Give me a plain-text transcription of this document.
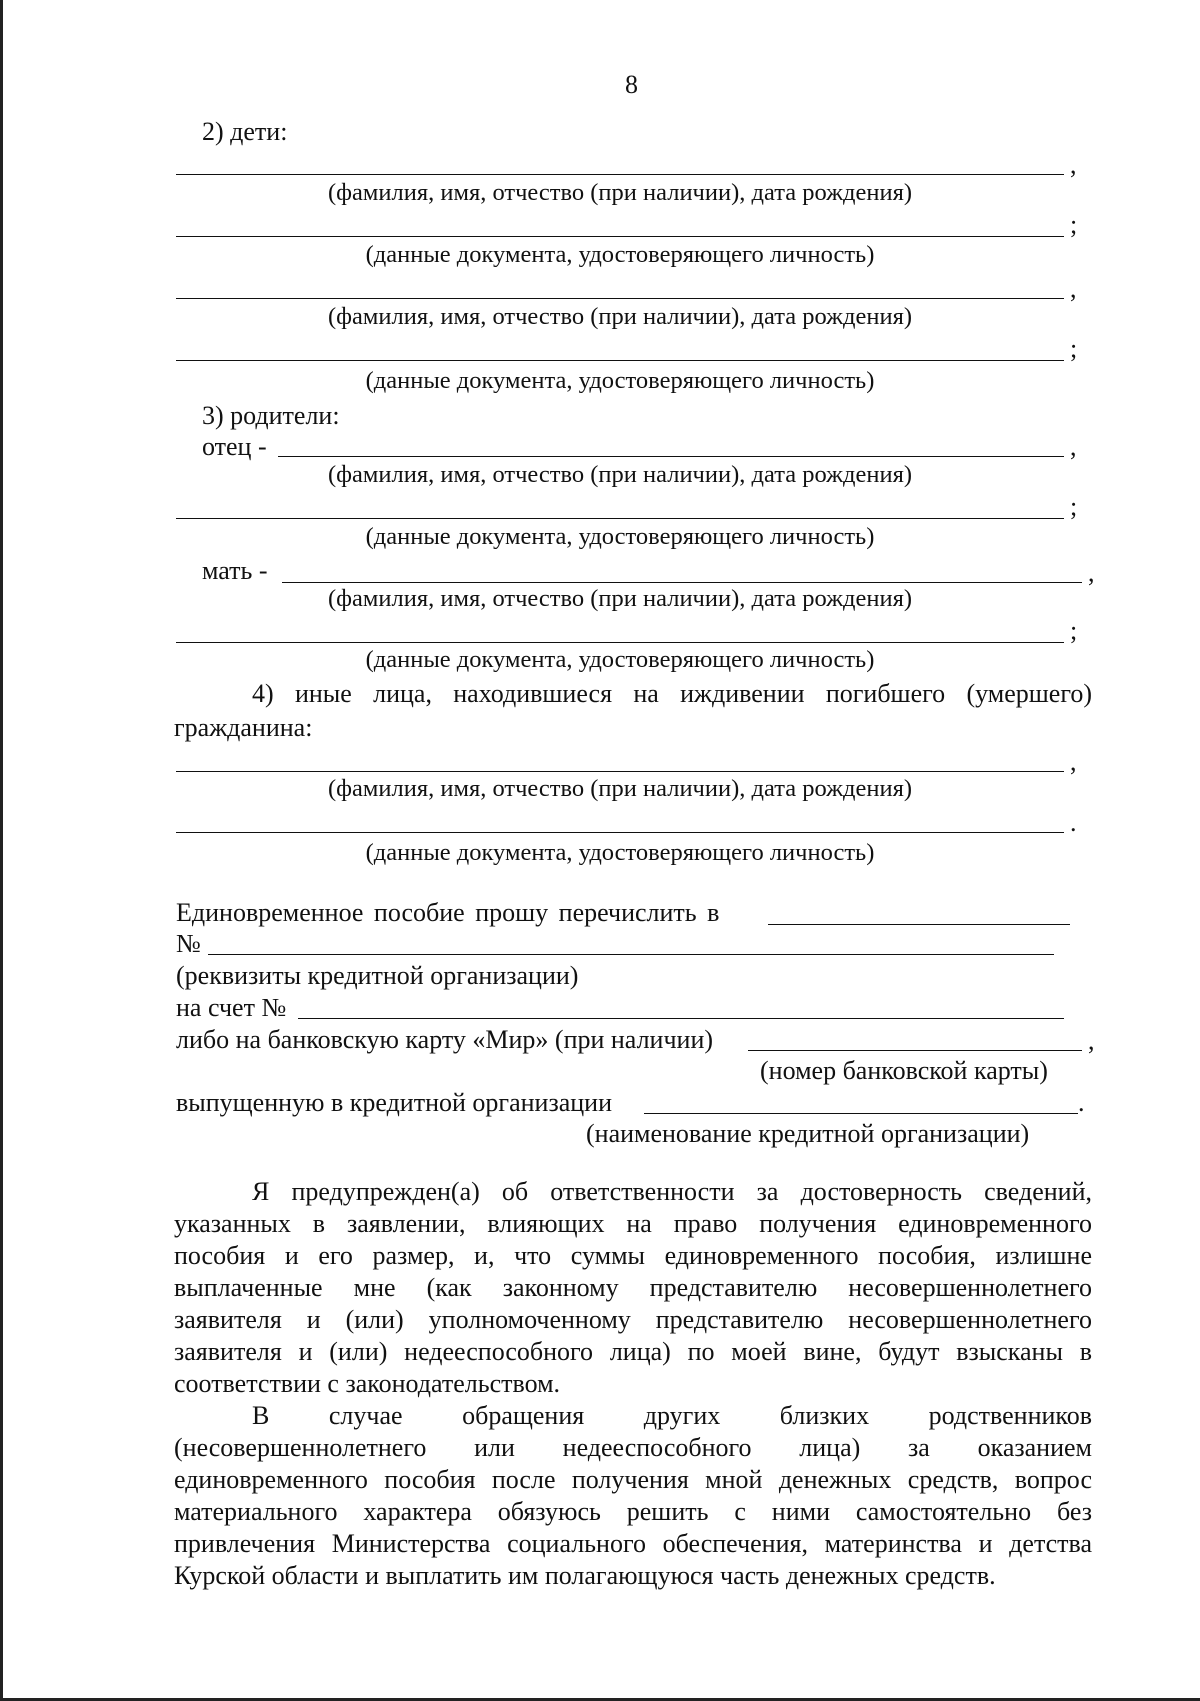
8
2) дети:
,
(фамилия, имя, отчество (при наличии), дата рождения)
;
(данные документа, удостоверяющего личность)
,
(фамилия, имя, отчество (при наличии), дата рождения)
;
(данные документа, удостоверяющего личность)
3) родители:
отец -	,
(фамилия, имя, отчество (при наличии), дата рождения)
;
(данные документа, удостоверяющего личность)
мать -	,
(фамилия, имя, отчество (при наличии), дата рождения)
;
(данные документа, удостоверяющего личность)
4) иные лица, находившиеся на иждивении погибшего (умершего)
гражданина:
,
(фамилия, имя, отчество (при наличии), дата рождения)
.
(данные документа, удостоверяющего личность)
Единовременное пособие прошу перечислить в
№
(реквизиты кредитной организации)
на счет №
либо на банковскую карту «Мир» (при наличии)	,
(номер банковской карты)
выпущенную в кредитной организации	.
(наименование кредитной организации)
Я предупрежден(а) об ответственности за достоверность сведений,
указанных в заявлении, влияющих на право получения единовременного
пособия и его размер, и, что суммы единовременного пособия, излишне
выплаченные мне (как законному представителю несовершеннолетнего
заявителя и (или) уполномоченному представителю несовершеннолетнего
заявителя и (или) недееспособного лица) по моей вине, будут взысканы в
соответствии с законодательством.
В случае обращения других близких родственников
(несовершеннолетнего или недееспособного лица) за оказанием
единовременного пособия после получения мной денежных средств, вопрос
материального характера обязуюсь решить с ними самостоятельно без
привлечения Министерства социального обеспечения, материнства и детства
Курской области и выплатить им полагающуюся часть денежных средств.
